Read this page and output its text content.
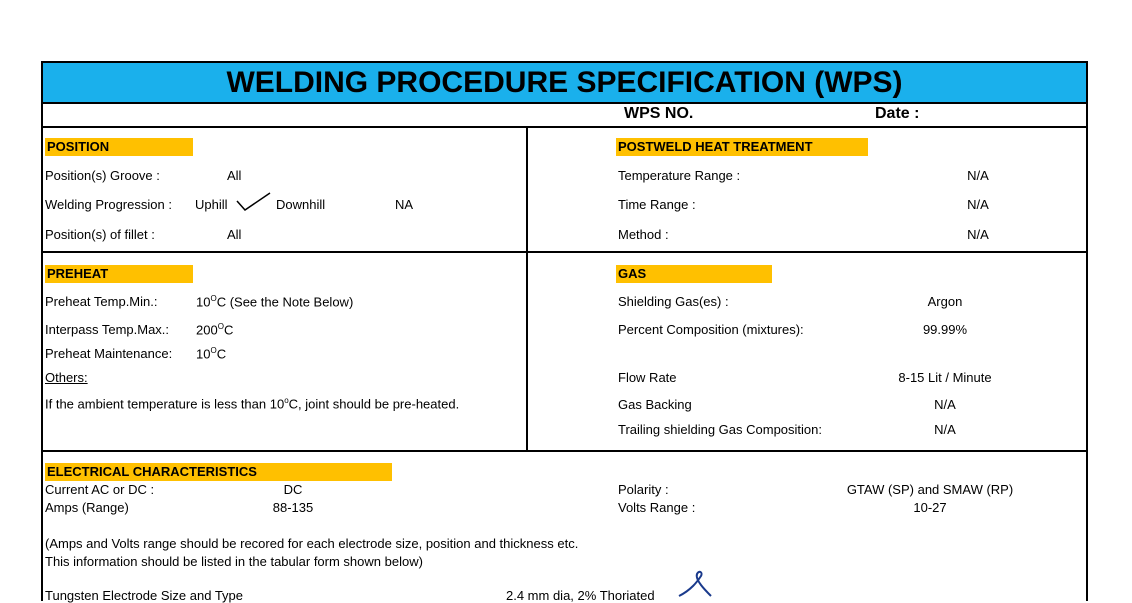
WELDING PROCEDURE SPECIFICATION (WPS)
WPS NO.	Date :
POSITION
Position(s) Groove :	All
Welding Progression : Uphill	Downhill	NA
Position(s) of fillet :	All
POSTWELD HEAT TREATMENT
Temperature Range :	N/A
Time Range :	N/A
Method :	N/A
PREHEAT
Preheat Temp.Min.:	$10^OC$ (See the Note Below)
Interpass Temp.Max.: $200^OC$
Preheat Maintenance: $10^OC$
Others:
If the ambient temperature is less than 10$^o$C, joint should be pre-heated.
GAS
Shielding Gas(es) :	Argon
Percent Composition (mixtures):	99.99%
Flow Rate	8-15 Lit / Minute
Gas Backing	N/A
Trailing shielding Gas Composition:	N/A
ELECTRICAL CHARACTERISTICS
Current AC or DC :	DC
Amps (Range)	88-135
Polarity :	GTAW (SP) and SMAW (RP)
Volts Range :	10-27
(Amps and Volts range should be recored for each electrode size, position and thickness etc.
This information should be listed in the tabular form shown below)
Tungsten Electrode Size and Type	2.4 mm dia, 2% Thoriated
